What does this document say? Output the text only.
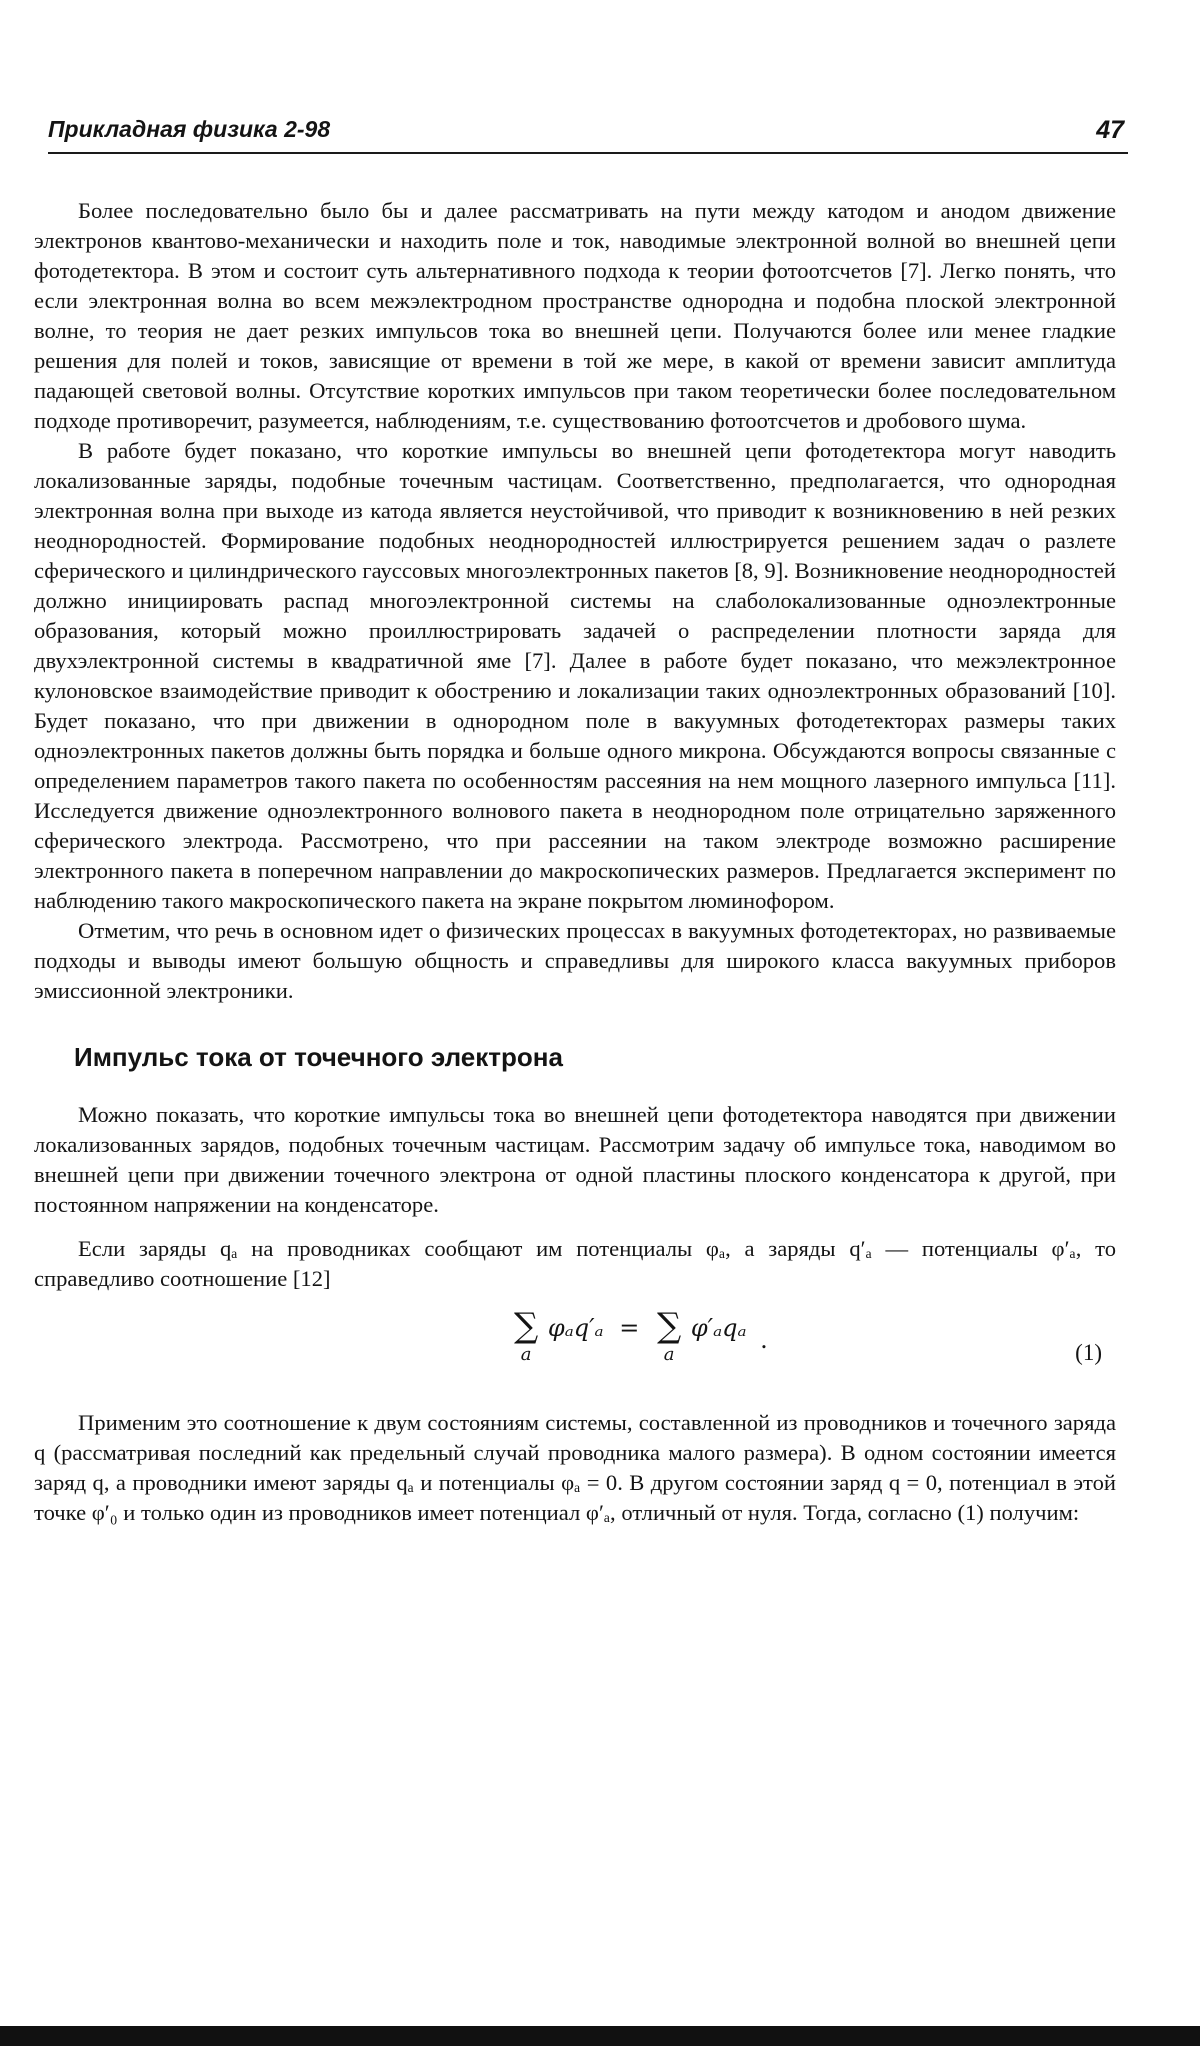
Прикладная физика 2-98	47

Более последовательно было бы и далее рассматривать на пути между катодом и анодом движение электронов квантово-механически и находить поле и ток, наводимые электронной волной во внешней цепи фотодетектора. В этом и состоит суть альтернативного подхода к теории фотоотсчетов [7]. Легко понять, что если электронная волна во всем межэлектродном пространстве однородна и подобна плоской электронной волне, то теория не дает резких импульсов тока во внешней цепи. Получаются более или менее гладкие решения для полей и токов, зависящие от времени в той же мере, в какой от времени зависит амплитуда падающей световой волны. Отсутствие коротких импульсов при таком теоретически более последовательном подходе противоречит, разумеется, наблюдениям, т.е. существованию фотоотсчетов и дробового шума.

В работе будет показано, что короткие импульсы во внешней цепи фотодетектора могут наводить локализованные заряды, подобные точечным частицам. Соответственно, предполагается, что однородная электронная волна при выходе из катода является неустойчивой, что приводит к возникновению в ней резких неоднородностей. Формирование подобных неоднородностей иллюстрируется решением задач о разлете сферического и цилиндрического гауссовых многоэлектронных пакетов [8, 9]. Возникновение неоднородностей должно инициировать распад многоэлектронной системы на слаболокализованные одноэлектронные образования, который можно проиллюстрировать задачей о распределении плотности заряда для двухэлектронной системы в квадратичной яме [7]. Далее в работе будет показано, что межэлектронное кулоновское взаимодействие приводит к обострению и локализации таких одноэлектронных образований [10]. Будет показано, что при движении в однородном поле в вакуумных фотодетекторах размеры таких одноэлектронных пакетов должны быть порядка и больше одного микрона. Обсуждаются вопросы связанные с определением параметров такого пакета по особенностям рассеяния на нем мощного лазерного импульса [11]. Исследуется движение одноэлектронного волнового пакета в неоднородном поле отрицательно заряженного сферического электрода. Рассмотрено, что при рассеянии на таком электроде возможно расширение электронного пакета в поперечном направлении до макроскопических размеров. Предлагается эксперимент по наблюдению такого макроскопического пакета на экране покрытом люминофором.

Отметим, что речь в основном идет о физических процессах в вакуумных фотодетекторах, но развиваемые подходы и выводы имеют большую общность и справедливы для широкого класса вакуумных приборов эмиссионной электроники.

Импульс тока от точечного электрона

Можно показать, что короткие импульсы тока во внешней цепи фотодетектора наводятся при движении локализованных зарядов, подобных точечным частицам. Рассмотрим задачу об импульсе тока, наводимом во внешней цепи при движении точечного электрона от одной пластины плоского конденсатора к другой, при постоянном напряжении на конденсаторе.

Если заряды qₐ на проводниках сообщают им потенциалы φₐ, а заряды q′ₐ — потенциалы φ′ₐ, то справедливо соотношение [12]

∑
a
φₐq′ₐ = ∑
a
φ′ₐqₐ .	(1)

Применим это соотношение к двум состояниям системы, составленной из проводников и точечного заряда q (рассматривая последний как предельный случай проводника малого размера). В одном состоянии имеется заряд q, а проводники имеют заряды qₐ и потенциалы φₐ = 0. В другом состоянии заряд q = 0, потенциал в этой точке φ′₀ и только один из проводников имеет потенциал φ′ₐ, отличный от нуля. Тогда, согласно (1) получим:
